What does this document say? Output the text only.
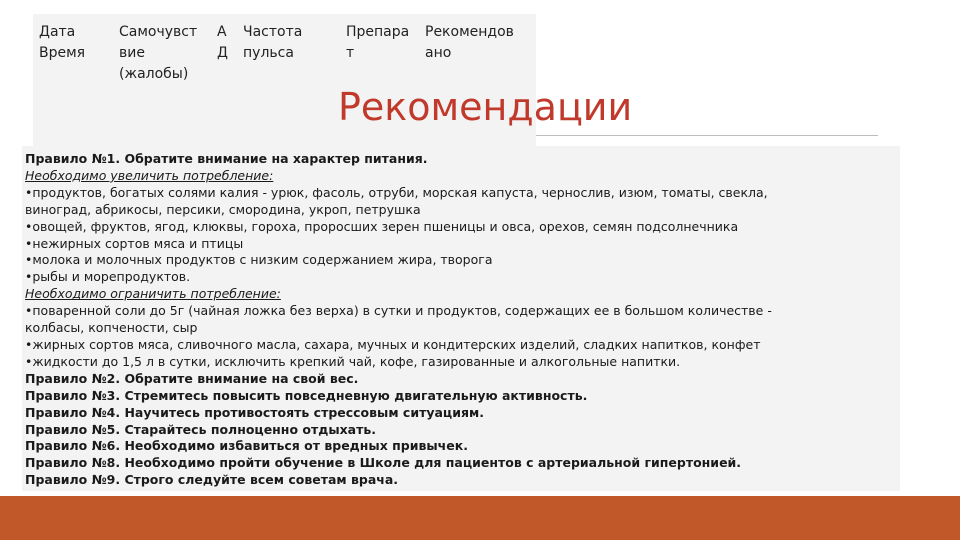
Дата
Время
Самочувст
вие
(жалобы)
А
Д
Частота
пульса
Препара
т
Рекомендов
ано
Рекомендации
Правило №1. Обратите внимание на характер питания.
Необходимо увеличить потребление:
•продуктов, богатых солями калия - урюк, фасоль, отруби, морская капуста, чернослив, изюм, томаты, свекла,
виноград, абрикосы, персики, смородина, укроп, петрушка
•овощей, фруктов, ягод, клюквы, гороха, проросших зерен пшеницы и овса, орехов, семян подсолнечника
•нежирных сортов мяса и птицы
•молока и молочных продуктов с низким содержанием жира, творога
•рыбы и морепродуктов.
Необходимо ограничить потребление:
•поваренной соли до 5г (чайная ложка без верха) в сутки и продуктов, содержащих ее в большом количестве -
колбасы, копчености, сыр
•жирных сортов мяса, сливочного масла, сахара, мучных и кондитерских изделий, сладких напитков, конфет
•жидкости до 1,5 л в сутки, исключить крепкий чай, кофе, газированные и алкогольные напитки.
Правило №2. Обратите внимание на свой вес.
Правило №3. Стремитесь повысить повседневную двигательную активность.
Правило №4. Научитесь противостоять стрессовым ситуациям.
Правило №5. Старайтесь полноценно отдыхать.
Правило №6. Необходимо избавиться от вредных привычек.
Правило №8. Необходимо пройти обучение в Школе для пациентов с артериальной гипертонией.
Правило №9. Строго следуйте всем советам врача.
